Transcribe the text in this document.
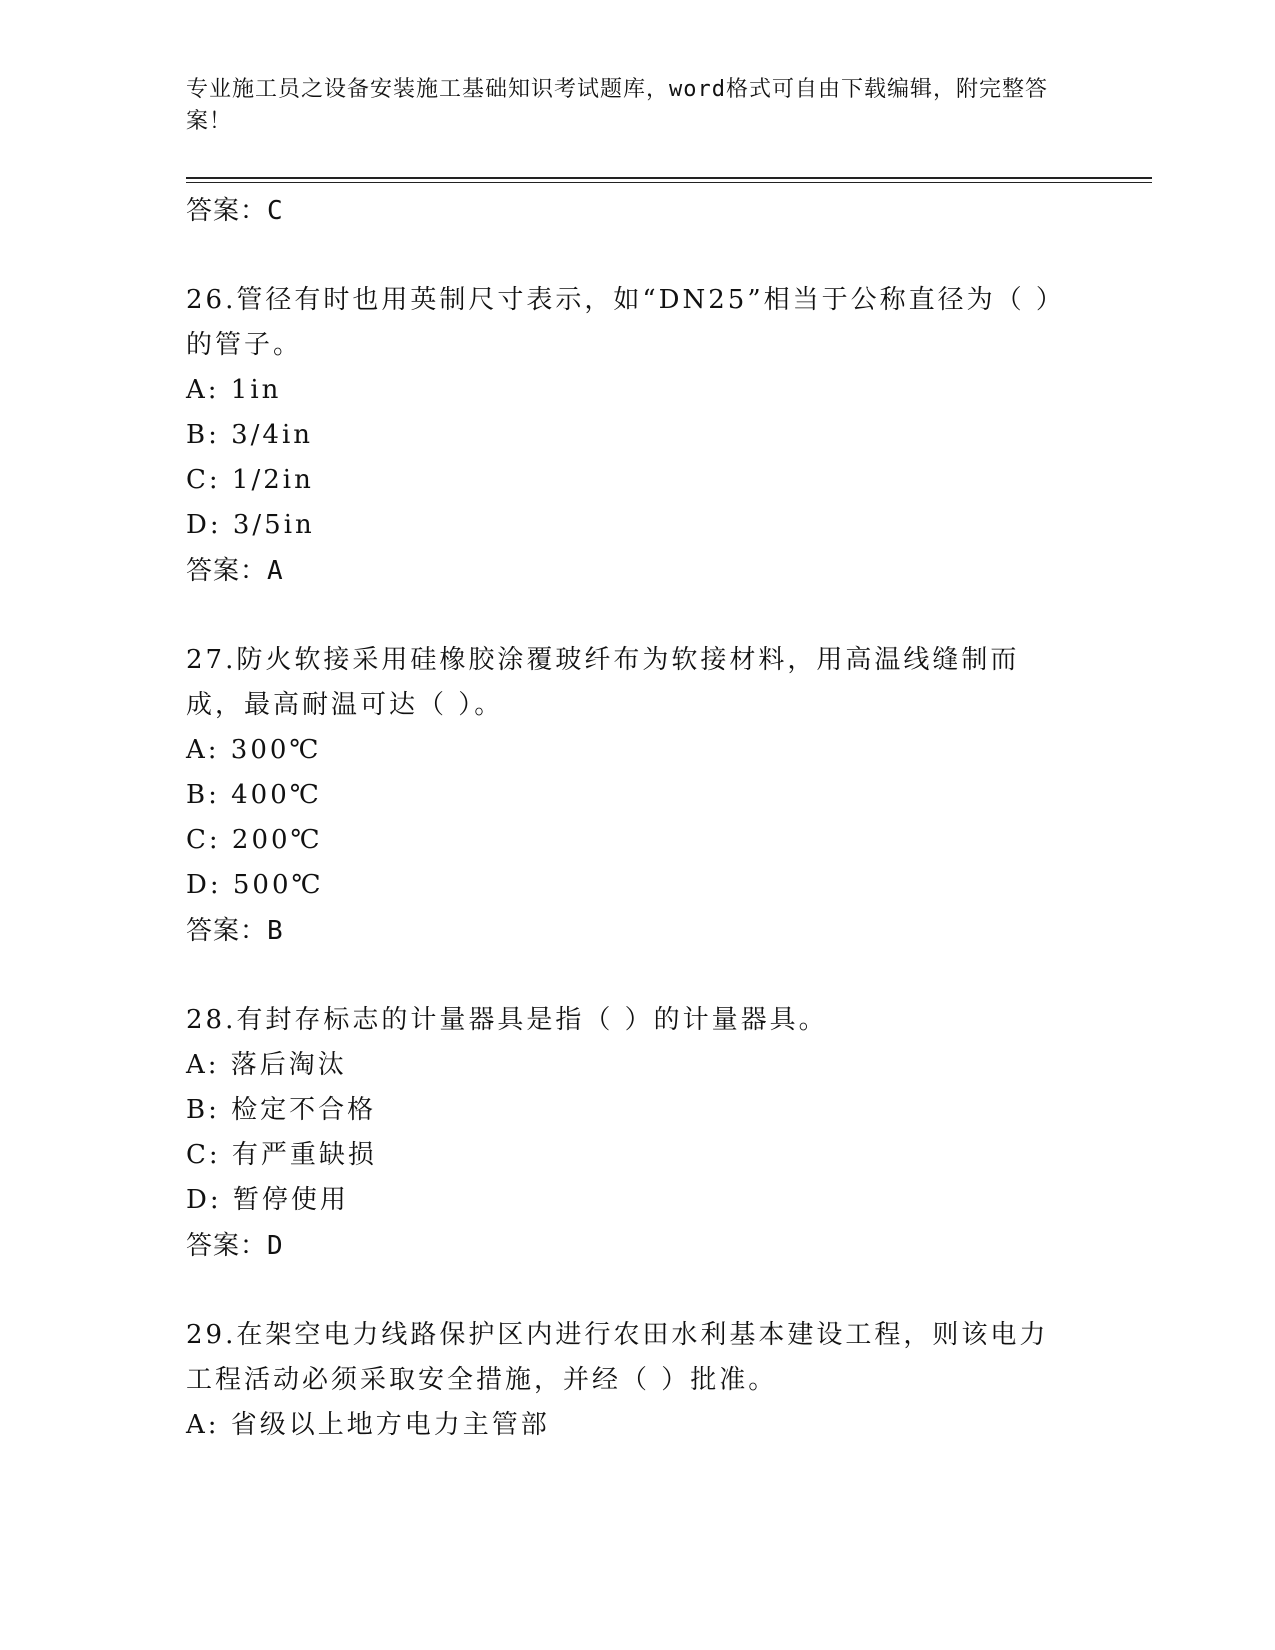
专业施工员之设备安装施工基础知识考试题库，word格式可自由下载编辑，附完整答案！

答案：C

26.管径有时也用英制尺寸表示，如“DN25”相当于公称直径为（ ）的管子。

A: 1in

B: 3/4in

C: 1/2in

D: 3/5in

答案：A

27.防火软接采用硅橡胶涂覆玻纤布为软接材料，用高温线缝制而成，最高耐温可达（ ）。

A: 300℃

B: 400℃

C: 200℃

D: 500℃

答案：B

28.有封存标志的计量器具是指（ ）的计量器具。

A: 落后淘汰

B: 检定不合格

C: 有严重缺损

D: 暂停使用

答案：D

29.在架空电力线路保护区内进行农田水利基本建设工程，则该电力工程活动必须采取安全措施，并经（ ）批准。

A: 省级以上地方电力主管部
